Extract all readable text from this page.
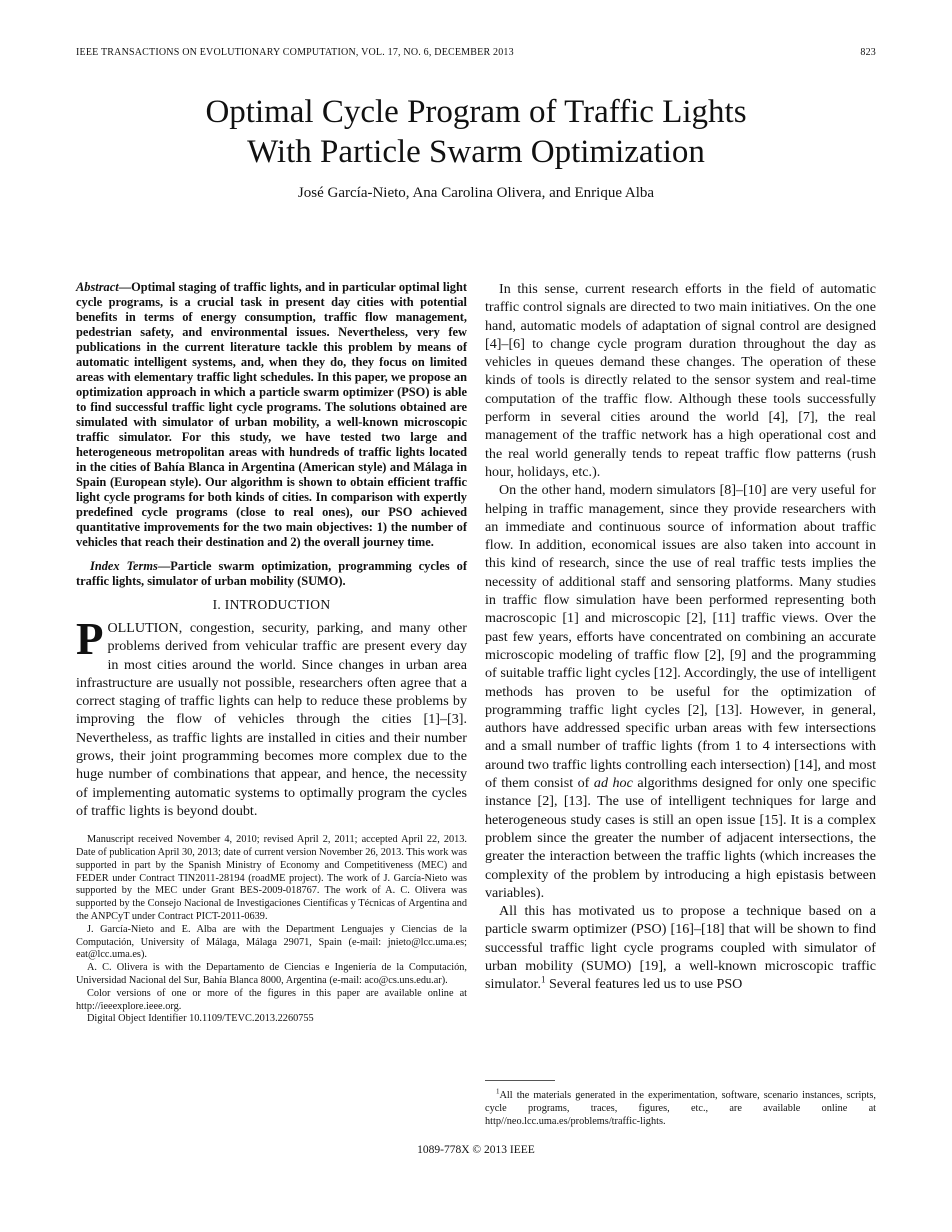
IEEE TRANSACTIONS ON EVOLUTIONARY COMPUTATION, VOL. 17, NO. 6, DECEMBER 2013	823
Optimal Cycle Program of Traffic Lights
With Particle Swarm Optimization
José García-Nieto, Ana Carolina Olivera, and Enrique Alba

Abstract—Optimal staging of traffic lights, and in particular optimal light cycle programs, is a crucial task in present day cities with potential benefits in terms of energy consumption, traffic flow management, pedestrian safety, and environmental issues. Nevertheless, very few publications in the current literature tackle this problem by means of automatic intelligent systems, and, when they do, they focus on limited areas with elementary traffic light schedules. In this paper, we propose an optimization approach in which a particle swarm optimizer (PSO) is able to find successful traffic light cycle programs. The solutions obtained are simulated with simulator of urban mobility, a well-known microscopic traffic simulator. For this study, we have tested two large and heterogeneous metropolitan areas with hundreds of traffic lights located in the cities of Bahía Blanca in Argentina (American style) and Málaga in Spain (European style). Our algorithm is shown to obtain efficient traffic light cycle programs for both kinds of cities. In comparison with expertly predefined cycle programs (close to real ones), our PSO achieved quantitative improvements for the two main objectives: 1) the number of vehicles that reach their destination and 2) the overall journey time.

Index Terms—Particle swarm optimization, programming cycles of traffic lights, simulator of urban mobility (SUMO).

I. INTRODUCTION

POLLUTION, congestion, security, parking, and many other problems derived from vehicular traffic are present every day in most cities around the world. Since changes in urban area infrastructure are usually not possible, researchers often agree that a correct staging of traffic lights can help to reduce these problems by improving the flow of vehicles through the cities [1]–[3]. Nevertheless, as traffic lights are installed in cities and their number grows, their joint programming becomes more complex due to the huge number of combinations that appear, and hence, the necessity of implementing automatic systems to optimally program the cycles of traffic lights is beyond doubt.

Manuscript received November 4, 2010; revised April 2, 2011; accepted April 22, 2013. Date of publication April 30, 2013; date of current version November 26, 2013. This work was supported in part by the Spanish Ministry of Economy and Competitiveness (MEC) and FEDER under Contract TIN2011-28194 (roadME project). The work of J. García-Nieto was supported by the MEC under Grant BES-2009-018767. The work of A. C. Olivera was supported by the Consejo Nacional de Investigaciones Científicas y Técnicas of Argentina and the ANPCyT under Contract PICT-2011-0639.

J. García-Nieto and E. Alba are with the Department Lenguajes y Ciencias de la Computación, University of Málaga, Málaga 29071, Spain (e-mail: jnieto@lcc.uma.es; eat@lcc.uma.es).

A. C. Olivera is with the Departamento de Ciencias e Ingeniería de la Computación, Universidad Nacional del Sur, Bahía Blanca 8000, Argentina (e-mail: aco@cs.uns.edu.ar).

Color versions of one or more of the figures in this paper are available online at http://ieeexplore.ieee.org.

Digital Object Identifier 10.1109/TEVC.2013.2260755

In this sense, current research efforts in the field of automatic traffic control signals are directed to two main initiatives. On the one hand, automatic models of adaptation of signal control are designed [4]–[6] to change cycle program duration throughout the day as vehicles in queues demand these changes. The operation of these kinds of tools is directly related to the sensor system and real-time computation of the traffic flow. Although these tools successfully perform in several cities around the world [4], [7], the real management of the traffic network has a high operational cost and the real world generally tends to repeat traffic flow patterns (rush hour, holidays, etc.).

On the other hand, modern simulators [8]–[10] are very useful for helping in traffic management, since they provide researchers with an immediate and continuous source of information about traffic flow. In addition, economical issues are also taken into account in this kind of research, since the use of real traffic tests implies the necessity of additional staff and sensoring platforms. Many studies in traffic flow simulation have been performed representing both macroscopic [1] and microscopic [2], [11] traffic views. Over the past few years, efforts have concentrated on combining an accurate microscopic modeling of traffic flow [2], [9] and the programming of suitable traffic light cycles [12]. Accordingly, the use of intelligent methods has proven to be useful for the optimization of programming traffic light cycles [2], [13]. However, in general, authors have addressed specific urban areas with few intersections and a small number of traffic lights (from 1 to 4 intersections with around two traffic lights controlling each intersection) [14], and most of them consist of ad hoc algorithms designed for only one specific instance [2], [13]. The use of intelligent techniques for large and heterogeneous study cases is still an open issue [15]. It is a complex problem since the greater the number of adjacent intersections, the greater the interaction between the traffic lights (which increases the complexity of the problem by introducing a high epistasis between variables).

All this has motivated us to propose a technique based on a particle swarm optimizer (PSO) [16]–[18] that will be shown to find successful traffic light cycle programs coupled with simulator of urban mobility (SUMO) [19], a well-known microscopic traffic simulator.$^1$ Several features led us to use PSO

$^1$All the materials generated in the experimentation, software, scenario instances, scripts, cycle programs, traces, figures, etc., are available online at http//neo.lcc.uma.es/problems/traffic-lights.

1089-778X © 2013 IEEE
